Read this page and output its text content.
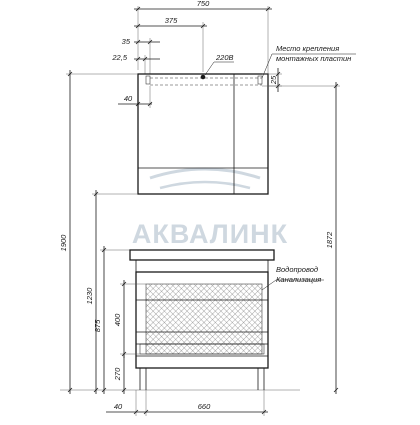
АКВАЛИНК
750
375
35
22,5	220В
40
Место крепления
монтажных пластин
25
1900
1230
875
Водопровод
Канализация
400
270
1872
40	660
